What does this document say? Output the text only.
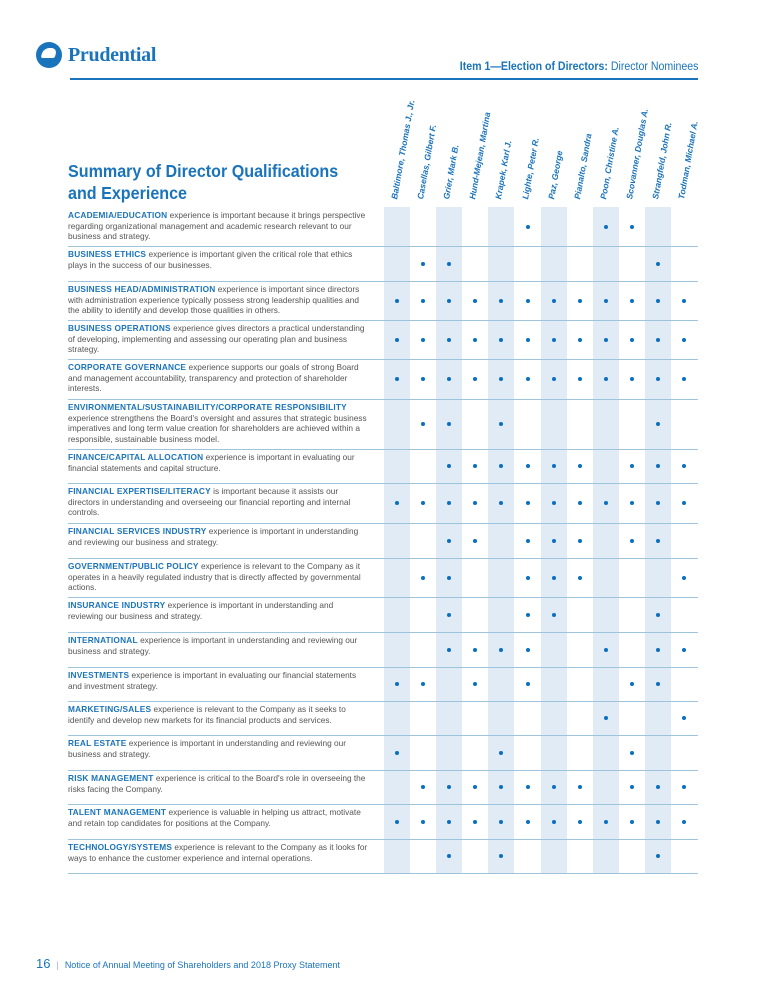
Prudential
Item 1—Election of Directors: Director Nominees
Summary of Director Qualifications
and Experience	Baltimore, Thomas J., Jr.
Casellas, Gilbert F. Grier, Mark B. Hund-Mejean, Martina Krapek, Karl J. Lighte, Peter R. Paz, George Pianalto, Sandra Poon, Christine A. Scovanner, Douglas A. Strangfeld, John R. Todman, Michael A.
ACADEMIA/EDUCATION experience is important because it brings perspective regarding organizational management and academic research relevant to our business and strategy.
BUSINESS ETHICS experience is important given the critical role that ethics plays in the success of our businesses.
BUSINESS HEAD/ADMINISTRATION experience is important since directors with administration experience typically possess strong leadership qualities and the ability to identify and develop those qualities in others.
BUSINESS OPERATIONS experience gives directors a practical understanding of developing, implementing and assessing our operating plan and business strategy.
CORPORATE GOVERNANCE experience supports our goals of strong Board and management accountability, transparency and protection of shareholder interests.
ENVIRONMENTAL/SUSTAINABILITY/CORPORATE RESPONSIBILITY experience strengthens the Board's oversight and assures that strategic business imperatives and long term value creation for shareholders are achieved within a responsible, sustainable business model.
FINANCE/CAPITAL ALLOCATION experience is important in evaluating our financial statements and capital structure.
FINANCIAL EXPERTISE/LITERACY is important because it assists our directors in understanding and overseeing our financial reporting and internal controls.
FINANCIAL SERVICES INDUSTRY experience is important in understanding and reviewing our business and strategy.
GOVERNMENT/PUBLIC POLICY experience is relevant to the Company as it operates in a heavily regulated industry that is directly affected by governmental actions.
INSURANCE INDUSTRY experience is important in understanding and reviewing our business and strategy.
INTERNATIONAL experience is important in understanding and reviewing our business and strategy.
INVESTMENTS experience is important in evaluating our financial statements and investment strategy.
MARKETING/SALES experience is relevant to the Company as it seeks to identify and develop new markets for its financial products and services.
REAL ESTATE experience is important in understanding and reviewing our business and strategy.
RISK MANAGEMENT experience is critical to the Board's role in overseeing the risks facing the Company.
TALENT MANAGEMENT experience is valuable in helping us attract, motivate and retain top candidates for positions at the Company.
TECHNOLOGY/SYSTEMS experience is relevant to the Company as it looks for ways to enhance the customer experience and internal operations.
16 | Notice of Annual Meeting of Shareholders and 2018 Proxy Statement
